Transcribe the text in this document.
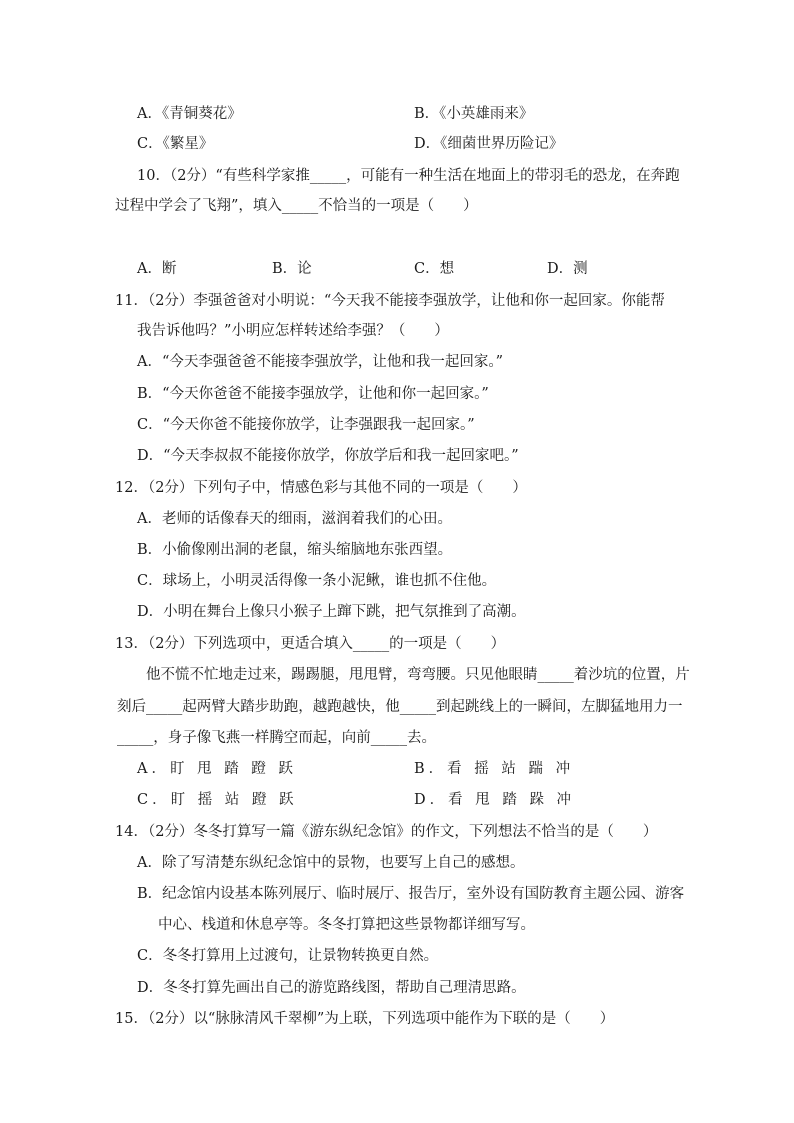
A．《青铜葵花》	B．《小英雄雨来》
C．《繁星》	D．《细菌世界历险记》
10．（2分）“有些科学家推_____，可能有一种生活在地面上的带羽毛的恐龙，在奔跑
过程中学会了飞翔”，填入_____不恰当的一项是（　　）
A．断	B．论	C．想	D．测
11．（2分）李强爸爸对小明说：“今天我不能接李强放学，让他和你一起回家。你能帮
我告诉他吗？”小明应怎样转述给李强？（　　）
A．“今天李强爸爸不能接李强放学，让他和我一起回家。”
B．“今天你爸爸不能接李强放学，让他和你一起回家。”
C．“今天你爸不能接你放学，让李强跟我一起回家。”
D．“今天李叔叔不能接你放学，你放学后和我一起回家吧。”
12．（2分）下列句子中，情感色彩与其他不同的一项是（　　）
A．老师的话像春天的细雨，滋润着我们的心田。
B．小偷像刚出洞的老鼠，缩头缩脑地东张西望。
C．球场上，小明灵活得像一条小泥鳅，谁也抓不住他。
D．小明在舞台上像只小猴子上蹿下跳，把气氛推到了高潮。
13．（2分）下列选项中，更适合填入_____的一项是（　　）
他不慌不忙地走过来，踢踢腿，甩甩臂，弯弯腰。只见他眼睛_____着沙坑的位置，片
刻后_____起两臂大踏步助跑，越跑越快，他_____到起跳线上的一瞬间，左脚猛地用力一
_____，身子像飞燕一样腾空而起，向前_____去。
A．盯 甩 踏 蹬 跃	B．看 摇 站 踹 冲
C．盯 摇 站 蹬 跃	D．看 甩 踏 跺 冲
14．（2分）冬冬打算写一篇《游东纵纪念馆》的作文，下列想法不恰当的是（　　）
A．除了写清楚东纵纪念馆中的景物，也要写上自己的感想。
B．纪念馆内设基本陈列展厅、临时展厅、报告厅，室外设有国防教育主题公园、游客
中心、栈道和休息亭等。冬冬打算把这些景物都详细写写。
C．冬冬打算用上过渡句，让景物转换更自然。
D．冬冬打算先画出自己的游览路线图，帮助自己理清思路。
15．（2分）以“脉脉清风千翠柳”为上联，下列选项中能作为下联的是（　　）
